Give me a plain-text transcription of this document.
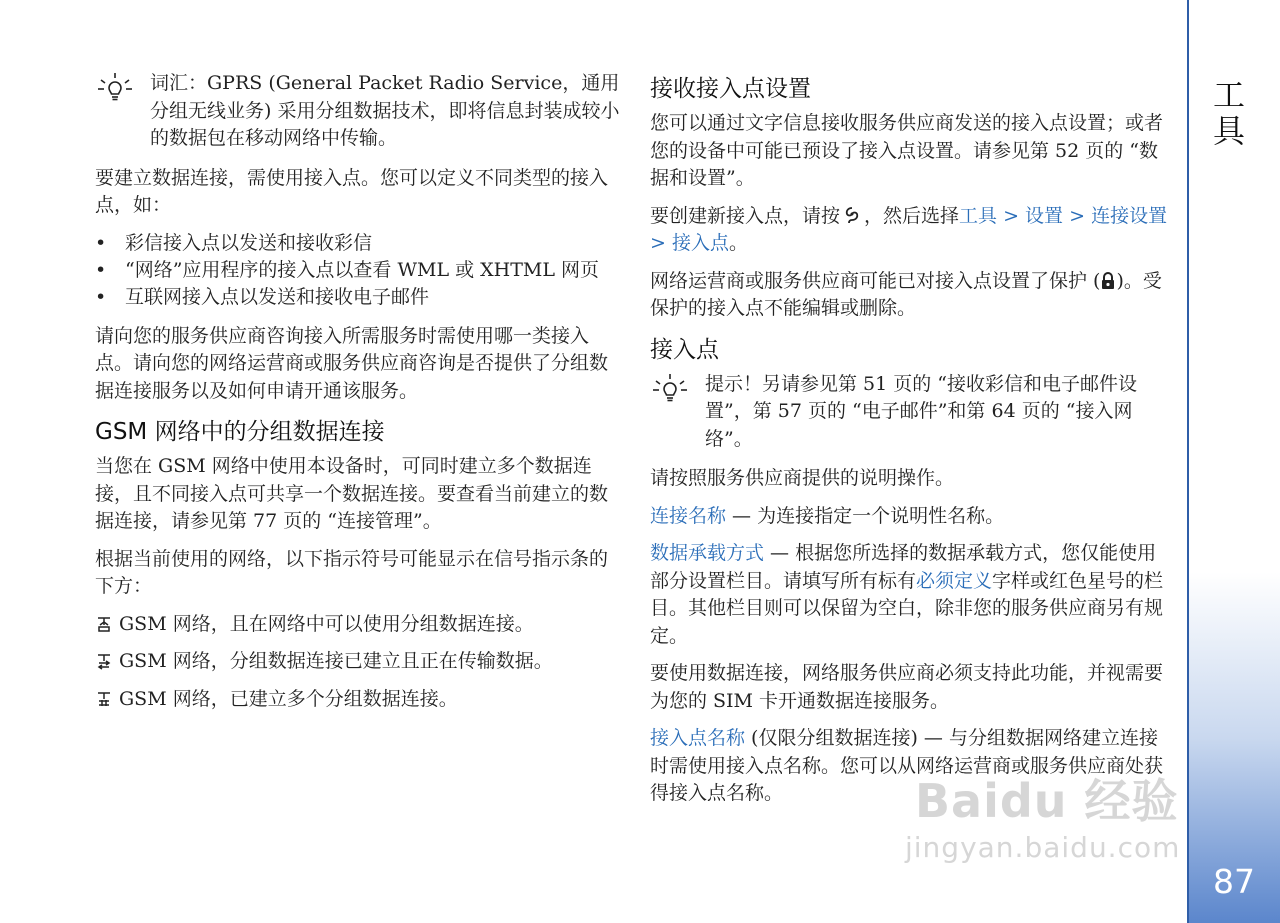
词汇：GPRS (General Packet Radio Service，通用分组无线业务) 采用分组数据技术，即将信息封装成较小的数据包在移动网络中传输。

要建立数据连接，需使用接入点。您可以定义不同类型的接入点，如：

• 彩信接入点以发送和接收彩信
• “网络”应用程序的接入点以查看 WML 或 XHTML 网页
• 互联网接入点以发送和接收电子邮件

请向您的服务供应商咨询接入所需服务时需使用哪一类接入点。请向您的网络运营商或服务供应商咨询是否提供了分组数据连接服务以及如何申请开通该服务。

GSM 网络中的分组数据连接

当您在 GSM 网络中使用本设备时，可同时建立多个数据连接，且不同接入点可共享一个数据连接。要查看当前建立的数据连接，请参见第 77 页的 “连接管理”。

根据当前使用的网络，以下指示符号可能显示在信号指示条的下方：

GSM 网络，且在网络中可以使用分组数据连接。

GSM 网络，分组数据连接已建立且正在传输数据。

GSM 网络，已建立多个分组数据连接。

接收接入点设置

您可以通过文字信息接收服务供应商发送的接入点设置；或者您的设备中可能已预设了接入点设置。请参见第 52 页的 “数据和设置”。

要创建新接入点，请按 ，然后选择工具 > 设置 > 连接设置 > 接入点。

网络运营商或服务供应商可能已对接入点设置了保护 ( )。受保护的接入点不能编辑或删除。

接入点
提示！另请参见第 51 页的 “接收彩信和电子邮件设置”，第 57 页的 “电子邮件”和第 64 页的 “接入网络”。

请按照服务供应商提供的说明操作。

连接名称 — 为连接指定一个说明性名称。

数据承载方式 — 根据您所选择的数据承载方式，您仅能使用部分设置栏目。请填写所有标有必须定义字样或红色星号的栏目。其他栏目则可以保留为空白，除非您的服务供应商另有规定。

要使用数据连接，网络服务供应商必须支持此功能，并视需要为您的 SIM 卡开通数据连接服务。

接入点名称 (仅限分组数据连接) — 与分组数据网络建立连接时需使用接入点名称。您可以从网络运营商或服务供应商处获得接入点名称。

工具
87
Baidu 经验
jingyan.baidu.com
